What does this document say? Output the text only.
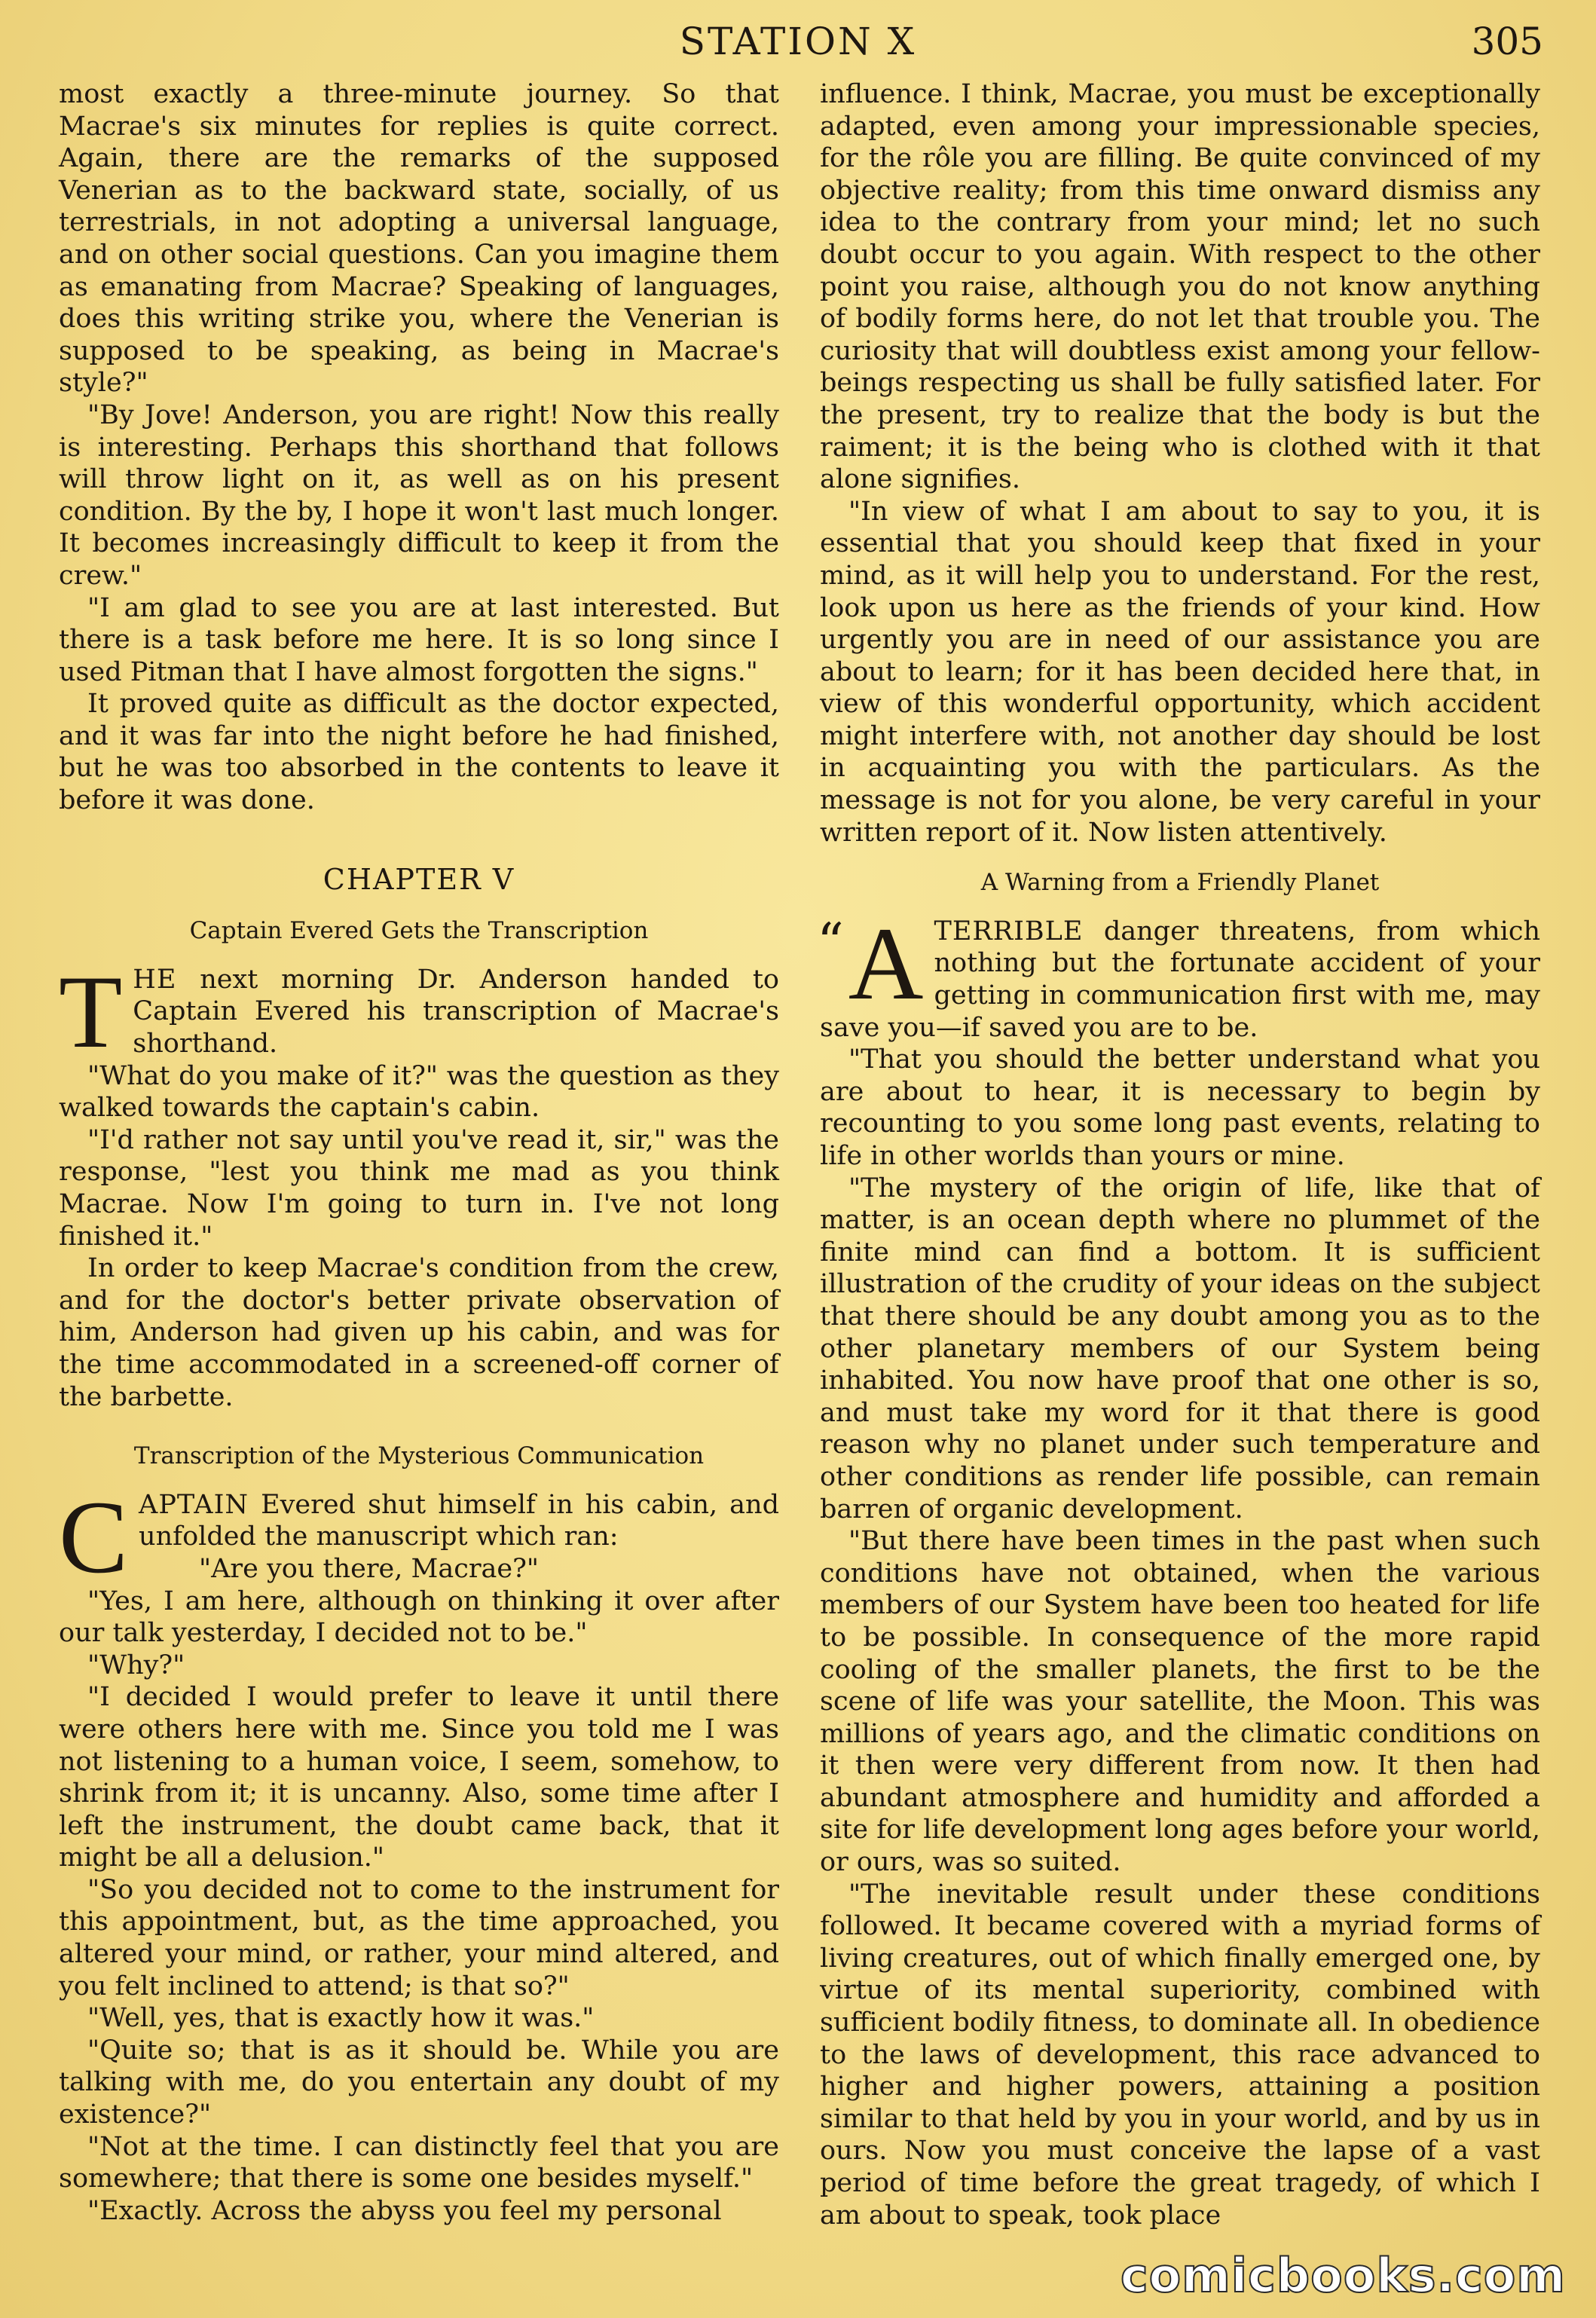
STATION X	305

most exactly a three-minute journey. So that Macrae's six minutes for replies is quite correct. Again, there are the remarks of the supposed Venerian as to the backward state, socially, of us terrestrials, in not adopting a universal language, and on other social questions. Can you imagine them as emanating from Macrae? Speaking of languages, does this writing strike you, where the Venerian is supposed to be speaking, as being in Macrae's style?"

"By Jove! Anderson, you are right! Now this really is interesting. Perhaps this shorthand that follows will throw light on it, as well as on his present condition. By the by, I hope it won't last much longer. It becomes increasingly difficult to keep it from the crew."

"I am glad to see you are at last interested. But there is a task before me here. It is so long since I used Pitman that I have almost forgotten the signs."

It proved quite as difficult as the doctor expected, and it was far into the night before he had finished, but he was too absorbed in the contents to leave it before it was done.

CHAPTER V
Captain Evered Gets the Transcription

THE next morning Dr. Anderson handed to Captain Evered his transcription of Macrae's shorthand.

"What do you make of it?" was the question as they walked towards the captain's cabin.

"I'd rather not say until you've read it, sir," was the response, "lest you think me mad as you think Macrae. Now I'm going to turn in. I've not long finished it."

In order to keep Macrae's condition from the crew, and for the doctor's better private observation of him, Anderson had given up his cabin, and was for the time accommodated in a screened-off corner of the barbette.

Transcription of the Mysterious Communication

CAPTAIN Evered shut himself in his cabin, and unfolded the manuscript which ran:

"Are you there, Macrae?"

"Yes, I am here, although on thinking it over after our talk yesterday, I decided not to be."

"Why?"

"I decided I would prefer to leave it until there were others here with me. Since you told me I was not listening to a human voice, I seem, somehow, to shrink from it; it is uncanny. Also, some time after I left the instrument, the doubt came back, that it might be all a delusion."

"So you decided not to come to the instrument for this appointment, but, as the time approached, you altered your mind, or rather, your mind altered, and you felt inclined to attend; is that so?"

"Well, yes, that is exactly how it was."

"Quite so; that is as it should be. While you are talking with me, do you entertain any doubt of my existence?"

"Not at the time. I can distinctly feel that you are somewhere; that there is some one besides myself."

"Exactly. Across the abyss you feel my personal

influence. I think, Macrae, you must be exceptionally adapted, even among your impressionable species, for the rôle you are filling. Be quite convinced of my objective reality; from this time onward dismiss any idea to the contrary from your mind; let no such doubt occur to you again. With respect to the other point you raise, although you do not know anything of bodily forms here, do not let that trouble you. The curiosity that will doubtless exist among your fellow-beings respecting us shall be fully satisfied later. For the present, try to realize that the body is but the raiment; it is the being who is clothed with it that alone signifies.

"In view of what I am about to say to you, it is essential that you should keep that fixed in your mind, as it will help you to understand. For the rest, look upon us here as the friends of your kind. How urgently you are in need of our assistance you are about to learn; for it has been decided here that, in view of this wonderful opportunity, which accident might interfere with, not another day should be lost in acquainting you with the particulars. As the message is not for you alone, be very careful in your written report of it. Now listen attentively.

A Warning from a Friendly Planet

“ A TERRIBLE danger threatens, from which nothing but the fortunate accident of your getting in communication first with me, may save you—if saved you are to be.

"That you should the better understand what you are about to hear, it is necessary to begin by recounting to you some long past events, relating to life in other worlds than yours or mine.

"The mystery of the origin of life, like that of matter, is an ocean depth where no plummet of the finite mind can find a bottom. It is sufficient illustration of the crudity of your ideas on the subject that there should be any doubt among you as to the other planetary members of our System being inhabited. You now have proof that one other is so, and must take my word for it that there is good reason why no planet under such temperature and other conditions as render life possible, can remain barren of organic development.

"But there have been times in the past when such conditions have not obtained, when the various members of our System have been too heated for life to be possible. In consequence of the more rapid cooling of the smaller planets, the first to be the scene of life was your satellite, the Moon. This was millions of years ago, and the climatic conditions on it then were very different from now. It then had abundant atmosphere and humidity and afforded a site for life development long ages before your world, or ours, was so suited.

"The inevitable result under these conditions followed. It became covered with a myriad forms of living creatures, out of which finally emerged one, by virtue of its mental superiority, combined with sufficient bodily fitness, to dominate all. In obedience to the laws of development, this race advanced to higher and higher powers, attaining a position similar to that held by you in your world, and by us in ours. Now you must conceive the lapse of a vast period of time before the great tragedy, of which I am about to speak, took place

comicbooks.com
